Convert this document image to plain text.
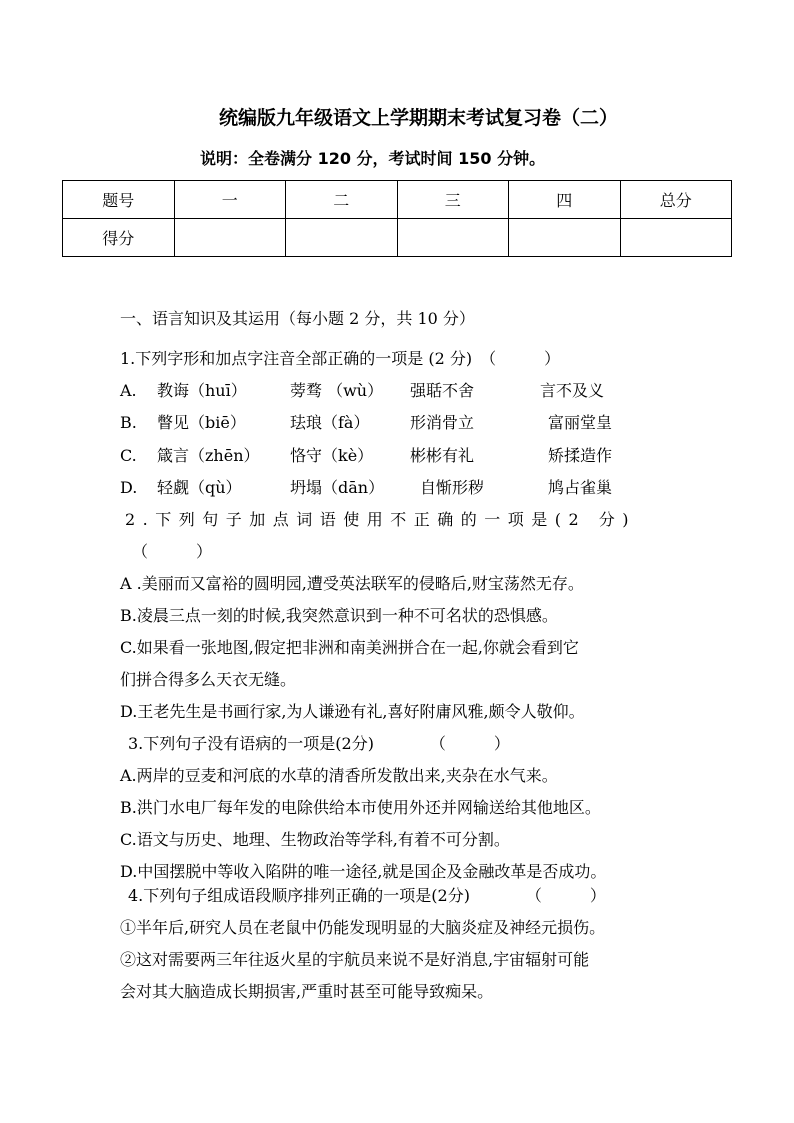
统编版九年级语文上学期期末考试复习卷（二）
说明：全卷满分 120 分，考试时间 150 分钟。
题号	一	二	三	四	总分
得分					
一、语言知识及其运用（每小题 2 分，共 10 分）
1.下列字形和加点字注音全部正确的一项是 (2 分)　（　　　）
A. 教诲（huī）	蒡骛 （wù） 强聒不舍	言不及义
B. 瞥见（biē）	珐琅（fà）	形消骨立	富丽堂皇
C. 箴言（zhēn） 恪守（kè） 彬彬有礼	矫揉造作
D. 轻觑（qù）	坍塌（dān） 自惭形秽	鸠占雀巢
2.下列句子加点词语使用不正确的一项是(2 分)
（　　　）
A .美丽而又富裕的圆明园,遭受英法联军的侵略后,财宝荡然无存。
B.凌晨三点一刻的时候,我突然意识到一种不可名状的恐惧感。
C.如果看一张地图,假定把非洲和南美洲拼合在一起,你就会看到它
们拼合得多么天衣无缝。
D.王老先生是书画行家,为人谦逊有礼,喜好附庸风雅,颇令人敬仰。
3.下列句子没有语病的一项是(2分)　　　　（　　　）
A.两岸的豆麦和河底的水草的清香所发散出来,夹杂在水气来。
B.洪门水电厂每年发的电除供给本市使用外还并网输送给其他地区。
C.语文与历史、地理、生物政治等学科,有着不可分割。
D.中国摆脱中等收入陷阱的唯一途径,就是国企及金融改革是否成功。
4.下列句子组成语段顺序排列正确的一项是(2分)　　　　（　　　）
①半年后,研究人员在老鼠中仍能发现明显的大脑炎症及神经元损伤。
②这对需要两三年往返火星的宇航员来说不是好消息,宇宙辐射可能
会对其大脑造成长期损害,严重时甚至可能导致痴呆。
